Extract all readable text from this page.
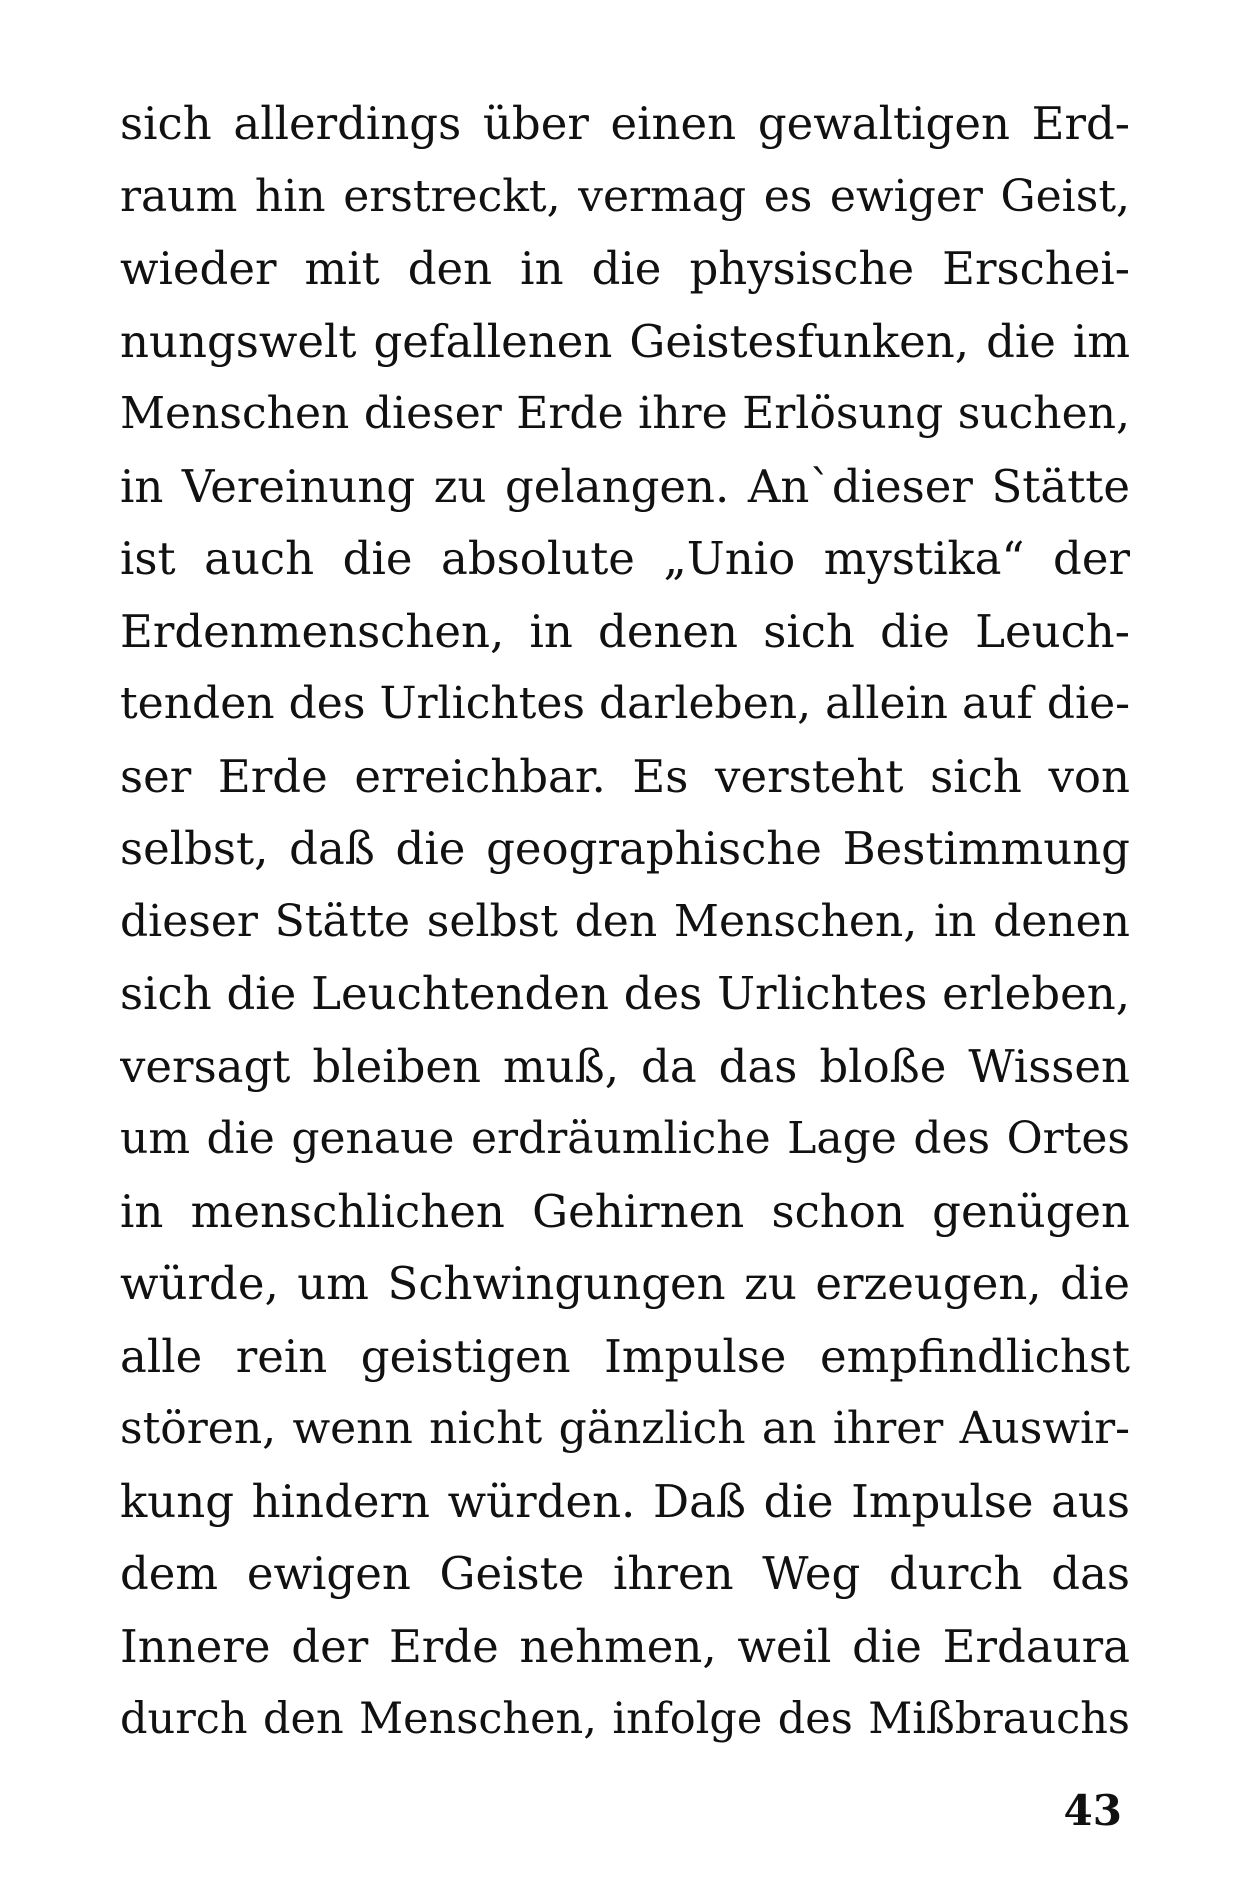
sich allerdings über einen gewaltigen Erd-
raum hin erstreckt, vermag es ewiger Geist,
wieder mit den in die physische Erschei-
nungswelt gefallenen Geistesfunken, die im
Menschen dieser Erde ihre Erlösung suchen,
in Vereinung zu gelangen. An`dieser Stätte
ist auch die absolute „Unio mystika“ der
Erdenmenschen, in denen sich die Leuch-
tenden des Urlichtes darleben, allein auf die-
ser Erde erreichbar. Es versteht sich von
selbst, daß die geographische Bestimmung
dieser Stätte selbst den Menschen, in denen
sich die Leuchtenden des Urlichtes erleben,
versagt bleiben muß, da das bloße Wissen
um die genaue erdräumliche Lage des Ortes
in menschlichen Gehirnen schon genügen
würde, um Schwingungen zu erzeugen, die
alle rein geistigen Impulse empfindlichst
stören, wenn nicht gänzlich an ihrer Auswir-
kung hindern würden. Daß die Impulse aus
dem ewigen Geiste ihren Weg durch das
Innere der Erde nehmen, weil die Erdaura
durch den Menschen, infolge des Mißbrauchs
43
